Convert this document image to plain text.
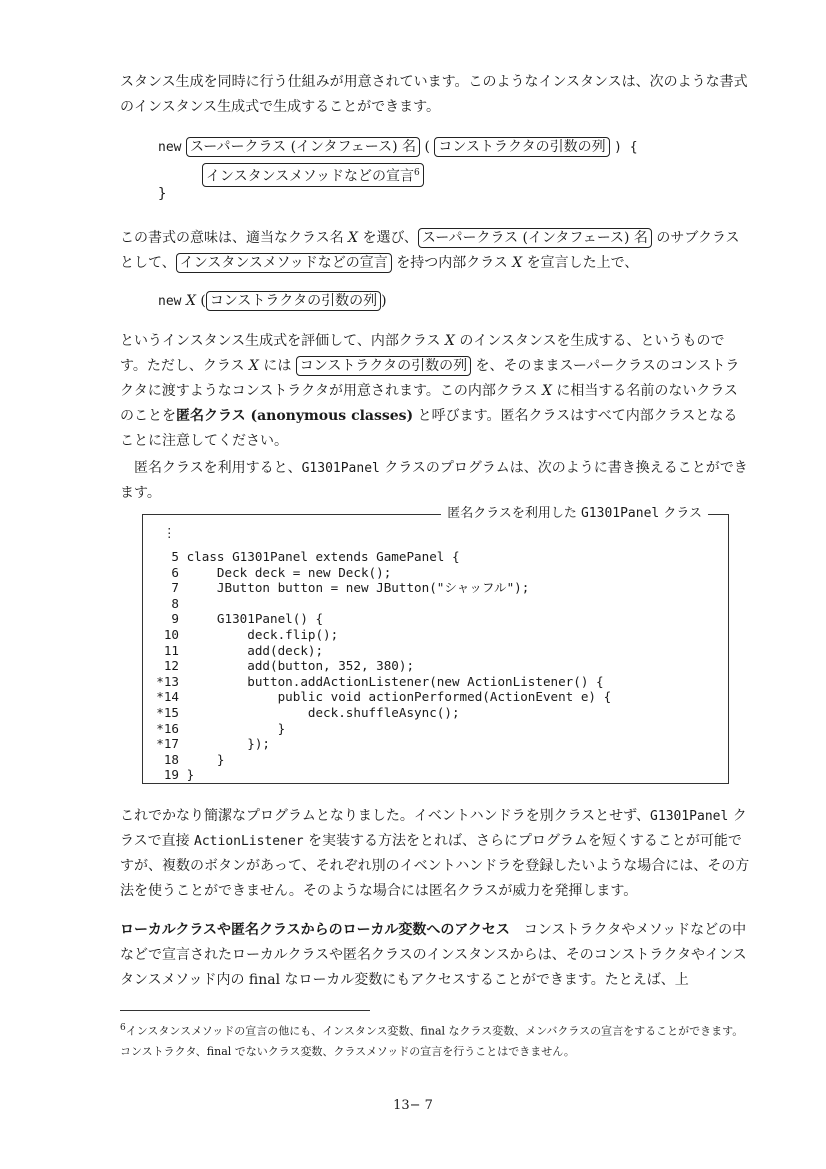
スタンス生成を同時に行う仕組みが用意されています。このようなインスタンスは、次のような書式のインスタンス生成式で生成することができます。

new スーパークラス (インタフェース) 名 ( コンストラクタの引数の列 ) {
インスタンスメソッドなどの宣言$^6$
}

この書式の意味は、適当なクラス名 X を選び、 スーパークラス (インタフェース) 名 のサブクラスとして、 インスタンスメソッドなどの宣言 を持つ内部クラス X を宣言した上で、

new X ( コンストラクタの引数の列 )

というインスタンス生成式を評価して、内部クラス X のインスタンスを生成する、というものです。ただし、クラス X には コンストラクタの引数の列 を、そのままスーパークラスのコンストラクタに渡すようなコンストラクタが用意されます。この内部クラス X に相当する名前のないクラスのことを匿名クラス (anonymous classes) と呼びます。匿名クラスはすべて内部クラスとなることに注意してください。

匿名クラスを利用すると、G1301Panel クラスのプログラムは、次のように書き換えることができます。

匿名クラスを利用した G1301Panel クラス
⋮
5 class G1301Panel extends GamePanel {
6     Deck deck = new Deck();
7     JButton button = new JButton("シャッフル");
8
9     G1301Panel() {
10         deck.flip();
11         add(deck);
12         add(button, 352, 380);
*13         button.addActionListener(new ActionListener() {
*14             public void actionPerformed(ActionEvent e) {
*15                 deck.shuffleAsync();
*16             }
*17         });
18     }
19 }

これでかなり簡潔なプログラムとなりました。イベントハンドラを別クラスとせず、G1301Panel クラスで直接 ActionListener を実装する方法をとれば、さらにプログラムを短くすることが可能ですが、複数のボタンがあって、それぞれ別のイベントハンドラを登録したいような場合には、その方法を使うことができません。そのような場合には匿名クラスが威力を発揮します。

ローカルクラスや匿名クラスからのローカル変数へのアクセス　コンストラクタやメソッドなどの中などで宣言されたローカルクラスや匿名クラスのインスタンスからは、そのコンストラクタやインスタンスメソッド内の final なローカル変数にもアクセスすることができます。たとえば、上

$^6$インスタンスメソッドの宣言の他にも、インスタンス変数、final なクラス変数、メンバクラスの宣言をすることができます。コンストラクタ、final でないクラス変数、クラスメソッドの宣言を行うことはできません。
13− 7
